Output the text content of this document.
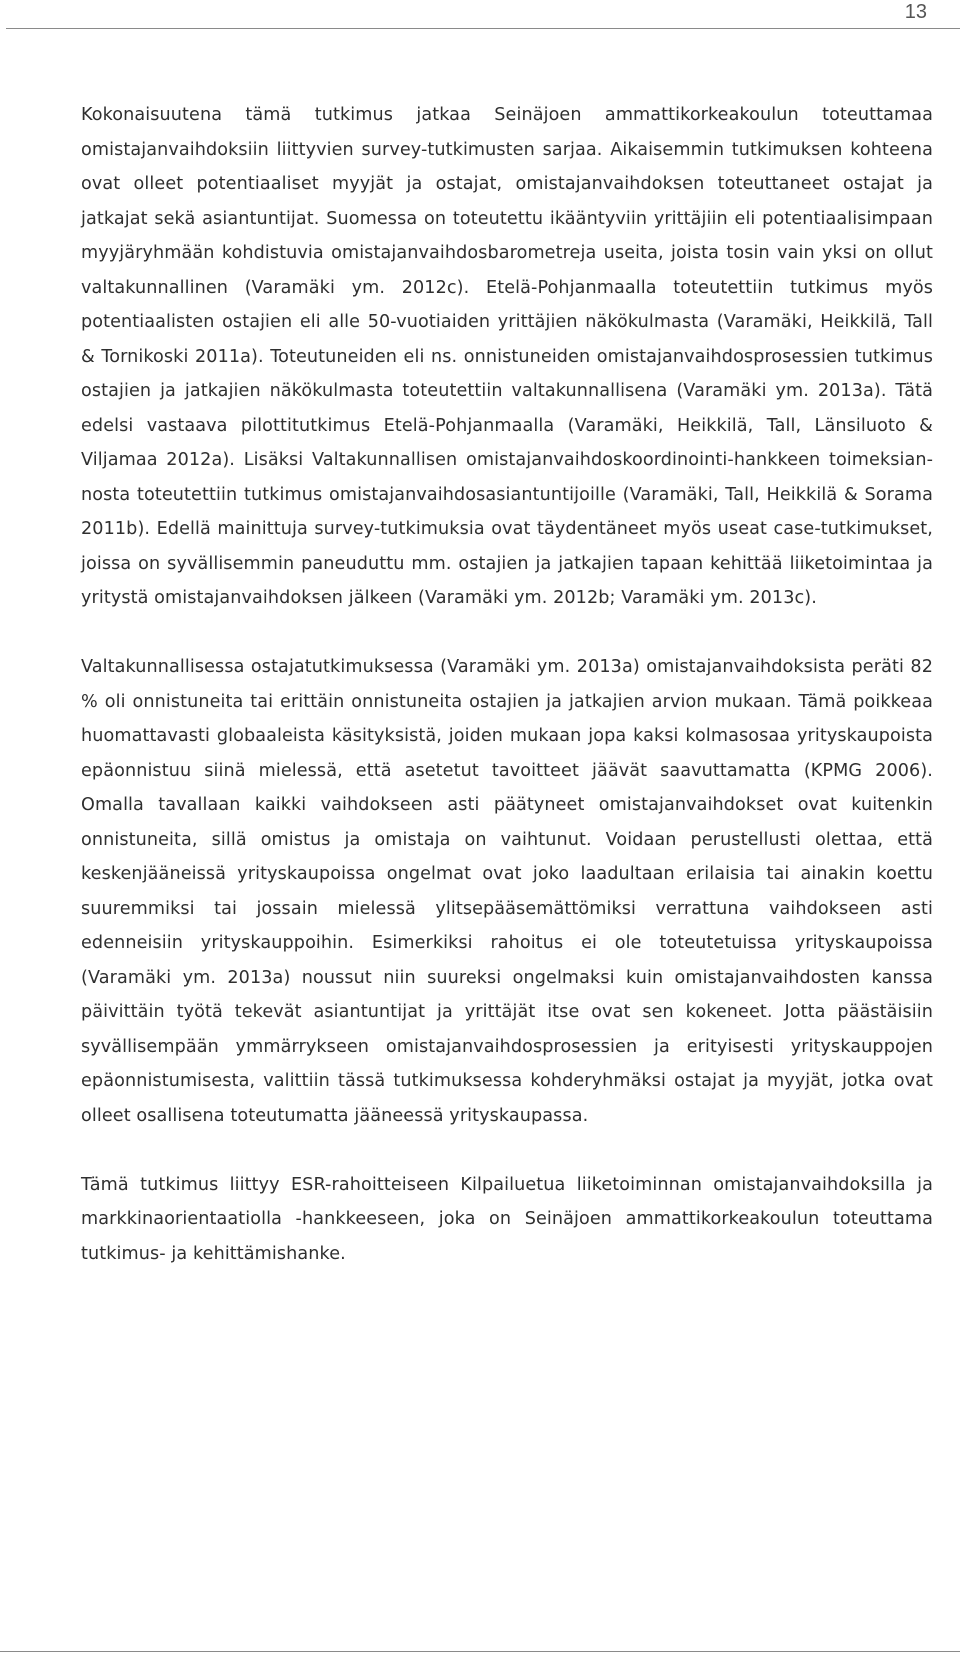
13

Kokonaisuutena tämä tutkimus jatkaa Seinäjoen ammattikorkeakoulun toteuttamaa omistajanvaihdoksiin liittyvien survey-tutkimusten sarjaa. Aikaisemmin tutkimuksen kohteena ovat olleet potentiaaliset myyjät ja ostajat, omistajanvaihdoksen toteuttaneet ostajat ja jatkajat sekä asiantuntijat. Suomessa on toteutettu ikääntyviin yrittäjiin eli potentiaalisimpaan myyjäryhmään kohdistuvia omistajanvaihdosbarometreja useita, joista tosin vain yksi on ollut valtakunnallinen (Varamäki ym. 2012c). Etelä-Pohjanmaalla toteutettiin tutkimus myös potentiaalisten ostajien eli alle 50-vuotiaiden yrittäjien näkökulmasta (Varamäki, Heikkilä, Tall & Tornikoski 2011a). Toteutuneiden eli ns. onnistuneiden omistajanvaihdosprosessien tutkimus ostajien ja jatkajien näkökulmasta toteutettiin valtakunnallisena (Varamäki ym. 2013a). Tätä edelsi vastaava pilottitutkimus Etelä-Pohjanmaalla (Varamäki, Heikkilä, Tall, Länsiluoto & Viljamaa 2012a). Lisäksi Valtakunnallisen omistajanvaihdoskoordinointi-hankkeen toimeksiannosta toteutettiin tutkimus omistajanvaihdosasiantuntijoille (Varamäki, Tall, Heikkilä & Sorama 2011b). Edellä mainittuja survey-tutkimuksia ovat täydentäneet myös useat case-tutkimukset, joissa on syvällisemmin paneuduttu mm. ostajien ja jatkajien tapaan kehittää liiketoimintaa ja yritystä omistajanvaihdoksen jälkeen (Varamäki ym. 2012b; Varamäki ym. 2013c).

Valtakunnallisessa ostajatutkimuksessa (Varamäki ym. 2013a) omistajanvaihdoksista peräti 82 % oli onnistuneita tai erittäin onnistuneita ostajien ja jatkajien arvion mukaan. Tämä poikkeaa huomattavasti globaaleista käsityksistä, joiden mukaan jopa kaksi kolmasosaa yrityskaupoista epäonnistuu siinä mielessä, että asetetut tavoitteet jäävät saavuttamatta (KPMG 2006). Omalla tavallaan kaikki vaihdokseen asti päätyneet omistajanvaihdokset ovat kuitenkin onnistuneita, sillä omistus ja omistaja on vaihtunut. Voidaan perustellusti olettaa, että keskenjääneissä yrityskaupoissa ongelmat ovat joko laadultaan erilaisia tai ainakin koettu suuremmiksi tai jossain mielessä ylitsepääsemättömiksi verrattuna vaihdokseen asti edenneisiin yrityskauppoihin. Esimerkiksi rahoitus ei ole toteutetuissa yrityskaupoissa (Varamäki ym. 2013a) noussut niin suureksi ongelmaksi kuin omistajanvaihdosten kanssa päivittäin työtä tekevät asiantuntijat ja yrittäjät itse ovat sen kokeneet. Jotta päästäisiin syvällisempään ymmärrykseen omistajanvaihdosprosessien ja erityisesti yrityskauppojen epäonnistumisesta, valittiin tässä tutkimuksessa kohderyhmäksi ostajat ja myyjät, jotka ovat olleet osallisena toteutumatta jääneessä yrityskaupassa.

Tämä tutkimus liittyy ESR-rahoitteiseen Kilpailuetua liiketoiminnan omistajanvaihdoksilla ja markkinaorientaatiolla -hankkeeseen, joka on Seinäjoen ammattikorkeakoulun toteuttama tutkimus- ja kehittämishanke.
